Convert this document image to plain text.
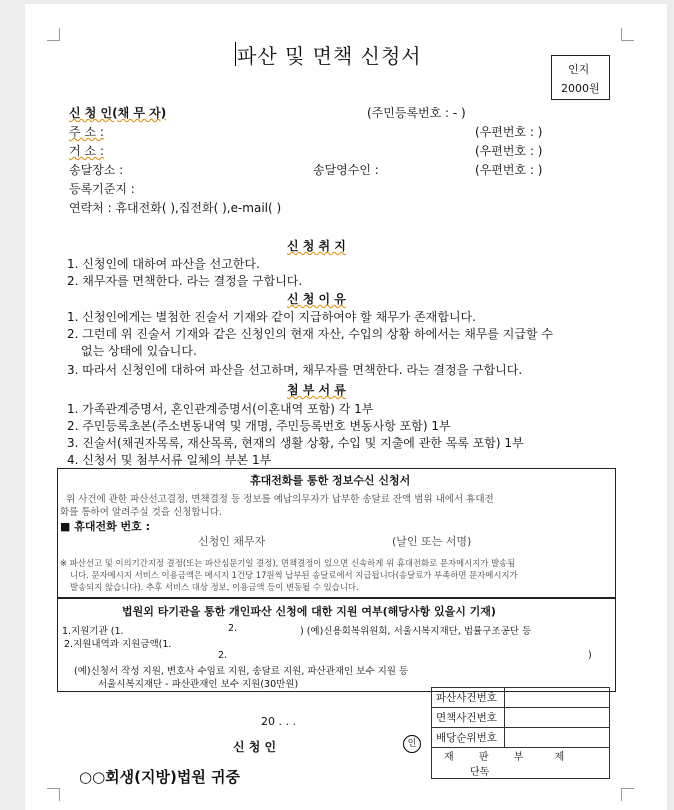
파산 및 면책 신청서
인지
2000원
신 청 인(채 무 자)	(주민등록번호 : - )
주 소 :	(우편번호 : )
거 소 :	(우편번호 : )
송달장소 :	송달영수인 :	(우편번호 : )
등록기준지 :
연락처 : 휴대전화( ),집전화( ),e-mail( )
신 청 취 지
1. 신청인에 대하여 파산을 선고한다.
2. 채무자를 면책한다. 라는 결정을 구합니다.
신 청 이 유
1. 신청인에게는 별첨한 진술서 기재와 같이 지급하여야 할 채무가 존재합니다.
2. 그런데 위 진술서 기재와 같은 신청인의 현재 자산, 수입의 상황 하에서는 채무를 지급할 수
없는 상태에 있습니다.
3. 따라서 신청인에 대하여 파산을 선고하며, 채무자를 면책한다. 라는 결정을 구합니다.
첨 부 서 류
1. 가족관계증명서, 혼인관계증명서(이혼내역 포함) 각 1부
2. 주민등록초본(주소변동내역 및 개명, 주민등록번호 변동사항 포함) 1부
3. 진술서(채권자목록, 재산목록, 현재의 생활 상황, 수입 및 지출에 관한 목록 포함) 1부
4. 신청서 및 첨부서류 일체의 부본 1부
휴대전화를 통한 정보수신 신청서
위 사건에 관한 파산선고결정, 면책결정 등 정보를 예납의무자가 납부한 송달료 잔액 범위 내에서 휴대전
화를 통하여 알려주실 것을 신청합니다.
■ 휴대전화 번호 :
신청인 채무자	(날인 또는 서명)
※ 파산선고 및 이의기간지정 결정(또는 파산심문기일 결정), 면책결정이 있으면 신속하게 위 휴대전화로 문자메시지가 발송됨
니다. 문자메시지 서비스 이용금액은 메시지 1건당 17원씩 납부된 송달료에서 지급됩니다(송달료가 부족하면 문자메시지가
발송되지 않습니다). 추후 서비스 대상 정보, 이용금액 등이 변동될 수 있습니다.
법원외 타기관을 통한 개인파산 신청에 대한 지원 여부(해당사항 있을시 기재)
1.지원기관 (1.	2.	) (예)신용회복위원회, 서울시복지재단, 법률구조공단 등
2.지원내역과 지원금액(1.
2.	)
(예)신청서 작성 지원, 변호사 수임료 지원, 송달료 지원, 파산관재인 보수 지원 등
서울시복지재단 - 파산관재인 보수 지원(30만원)
20 . . .
신 청 인	인
○○회생(지방)법원 귀중
파산사건번호	
면책사건번호	
배당순위번호	
재 판 부 제 단독	
